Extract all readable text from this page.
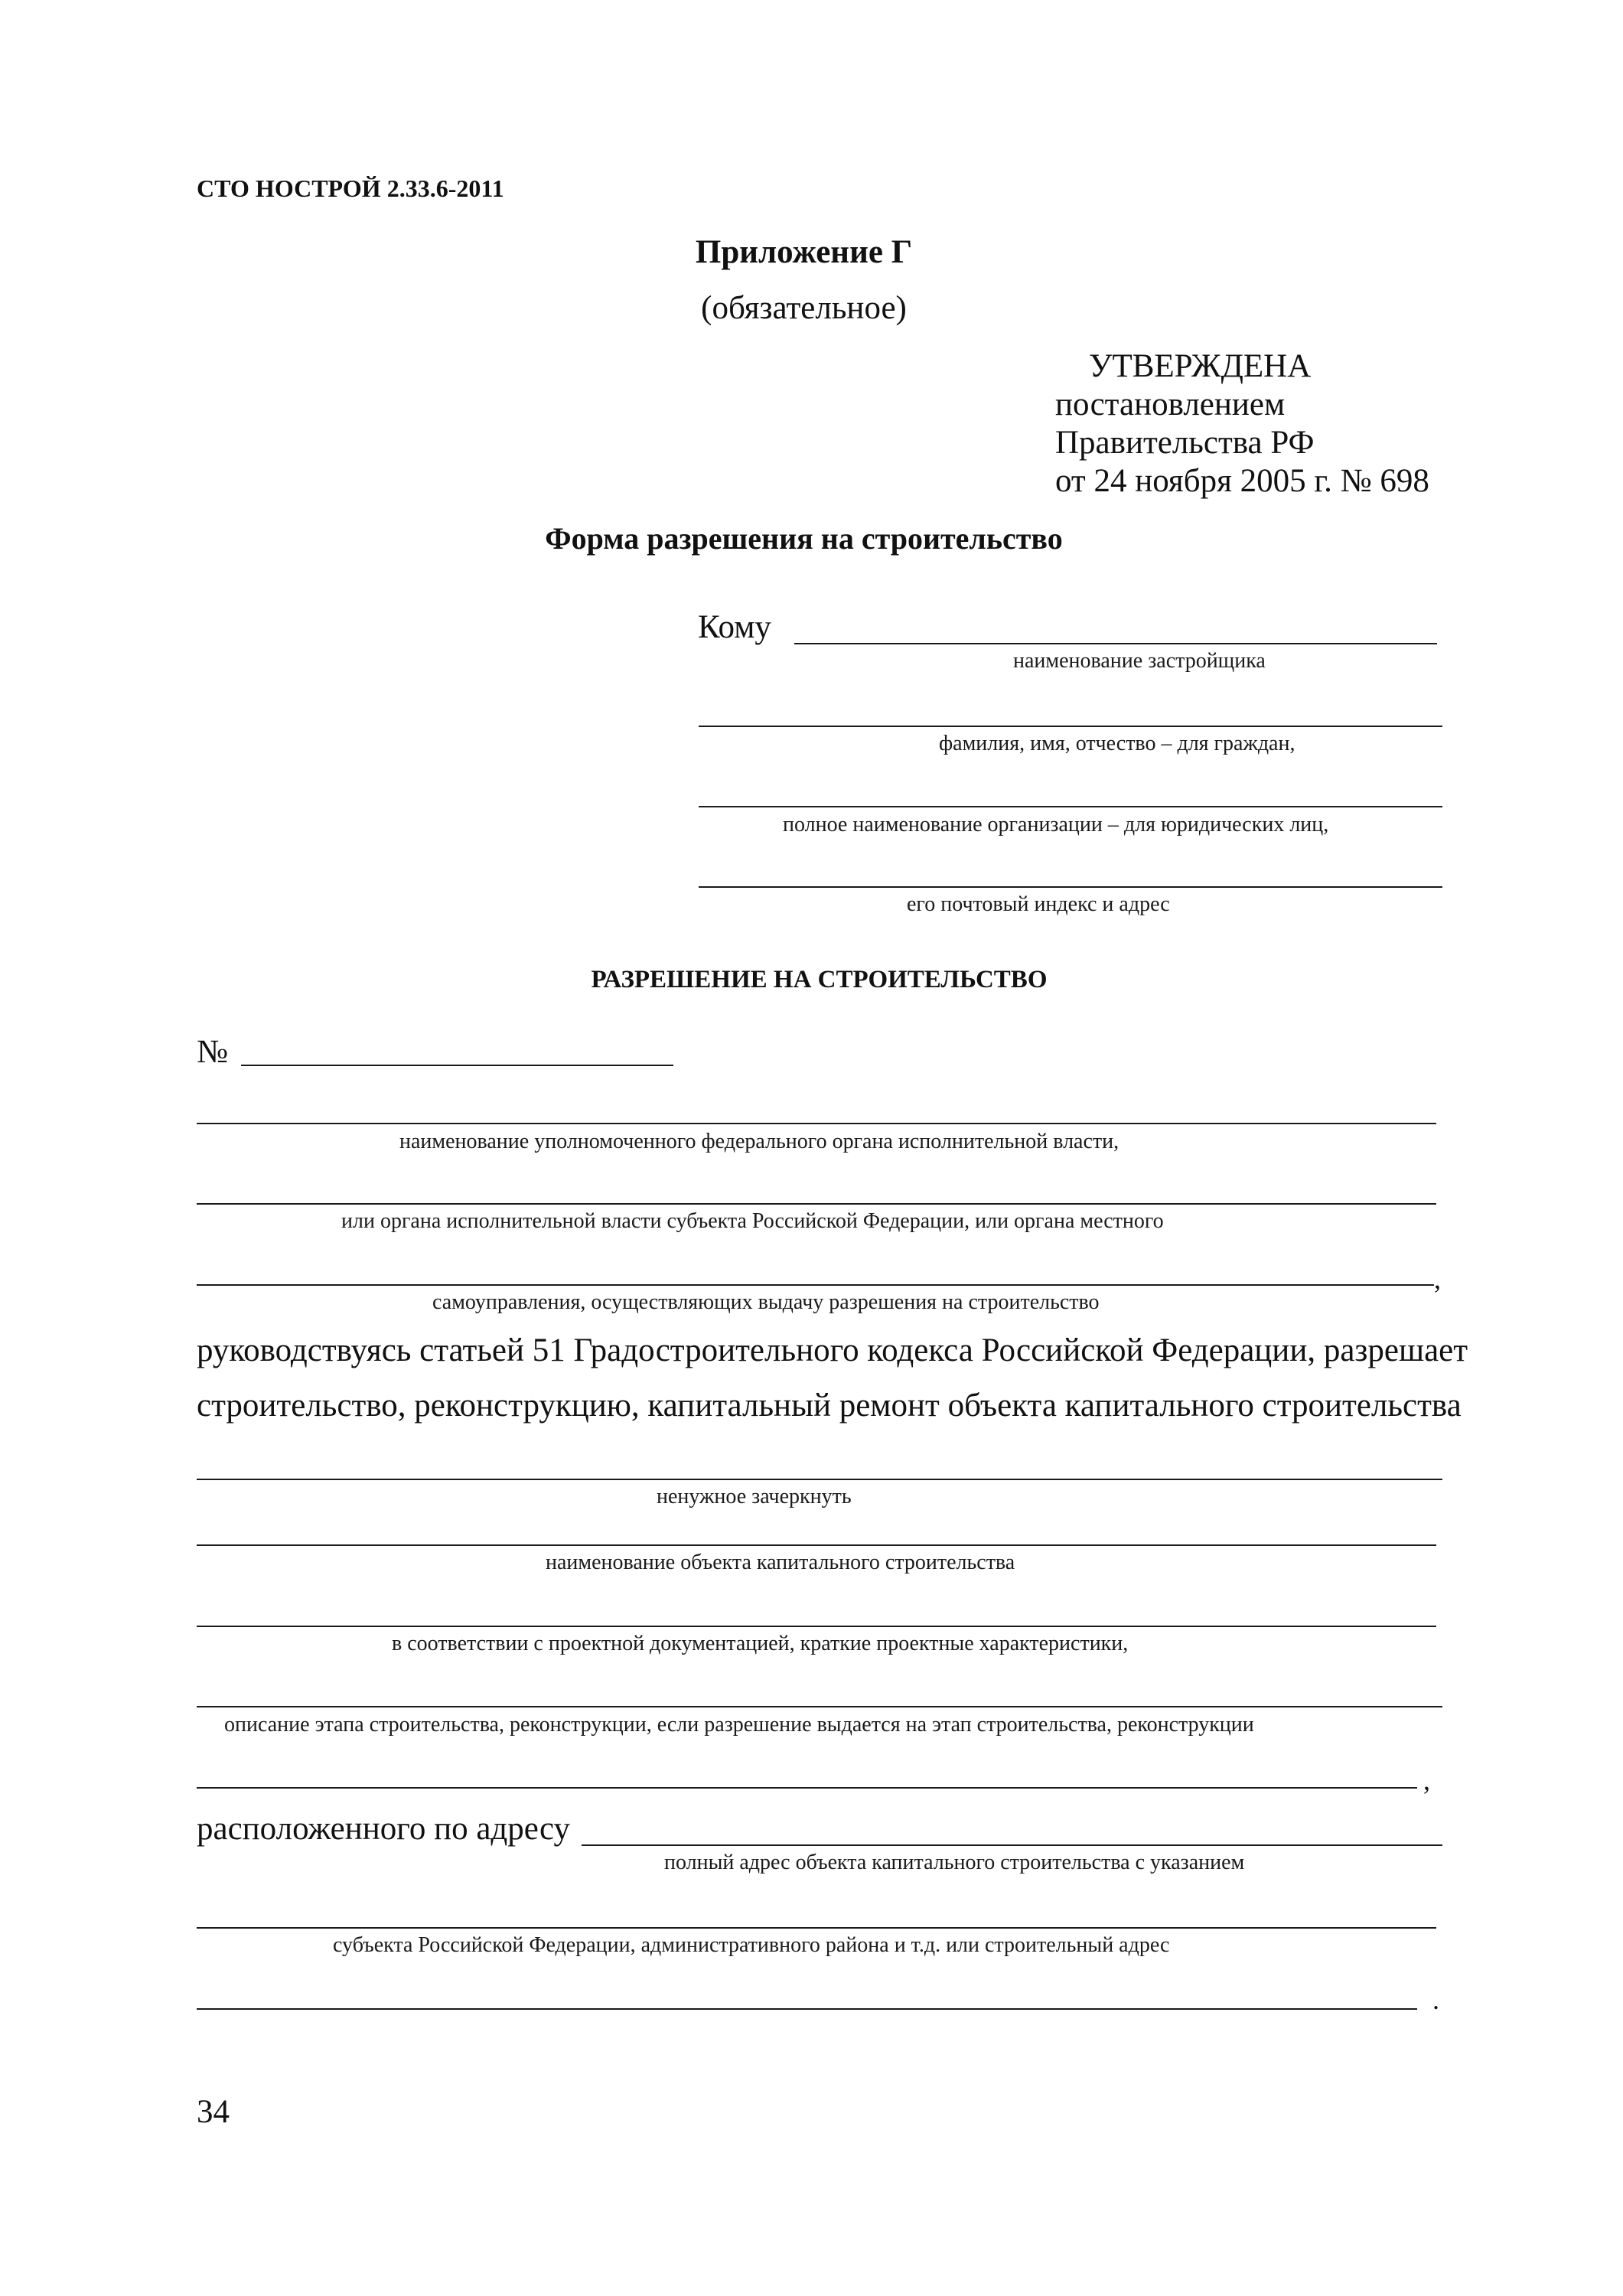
СТО НОСТРОЙ 2.33.6-2011
Приложение Г
(обязательное)
УТВЕРЖДЕНА
постановлением
Правительства РФ
от 24 ноября 2005 г. № 698
Форма разрешения на строительство
Кому
наименование застройщика
фамилия, имя, отчество – для граждан,
полное наименование организации – для юридических лиц,
его почтовый индекс и адрес
РАЗРЕШЕНИЕ НА СТРОИТЕЛЬСТВО
№
наименование уполномоченного федерального органа исполнительной власти,
или органа исполнительной власти субъекта Российской Федерации, или органа местного
,
самоуправления, осуществляющих выдачу разрешения на строительство
руководствуясь статьей 51 Градостроительного кодекса Российской Федерации, разрешает
строительство, реконструкцию, капитальный ремонт объекта капитального строительства
ненужное зачеркнуть
наименование объекта капитального строительства
в соответствии с проектной документацией, краткие проектные характеристики,
описание этапа строительства, реконструкции, если разрешение выдается на этап строительства, реконструкции
,
расположенного по адресу
полный адрес объекта капитального строительства с указанием
субъекта Российской Федерации, административного района и т.д. или строительный адрес
.
34
